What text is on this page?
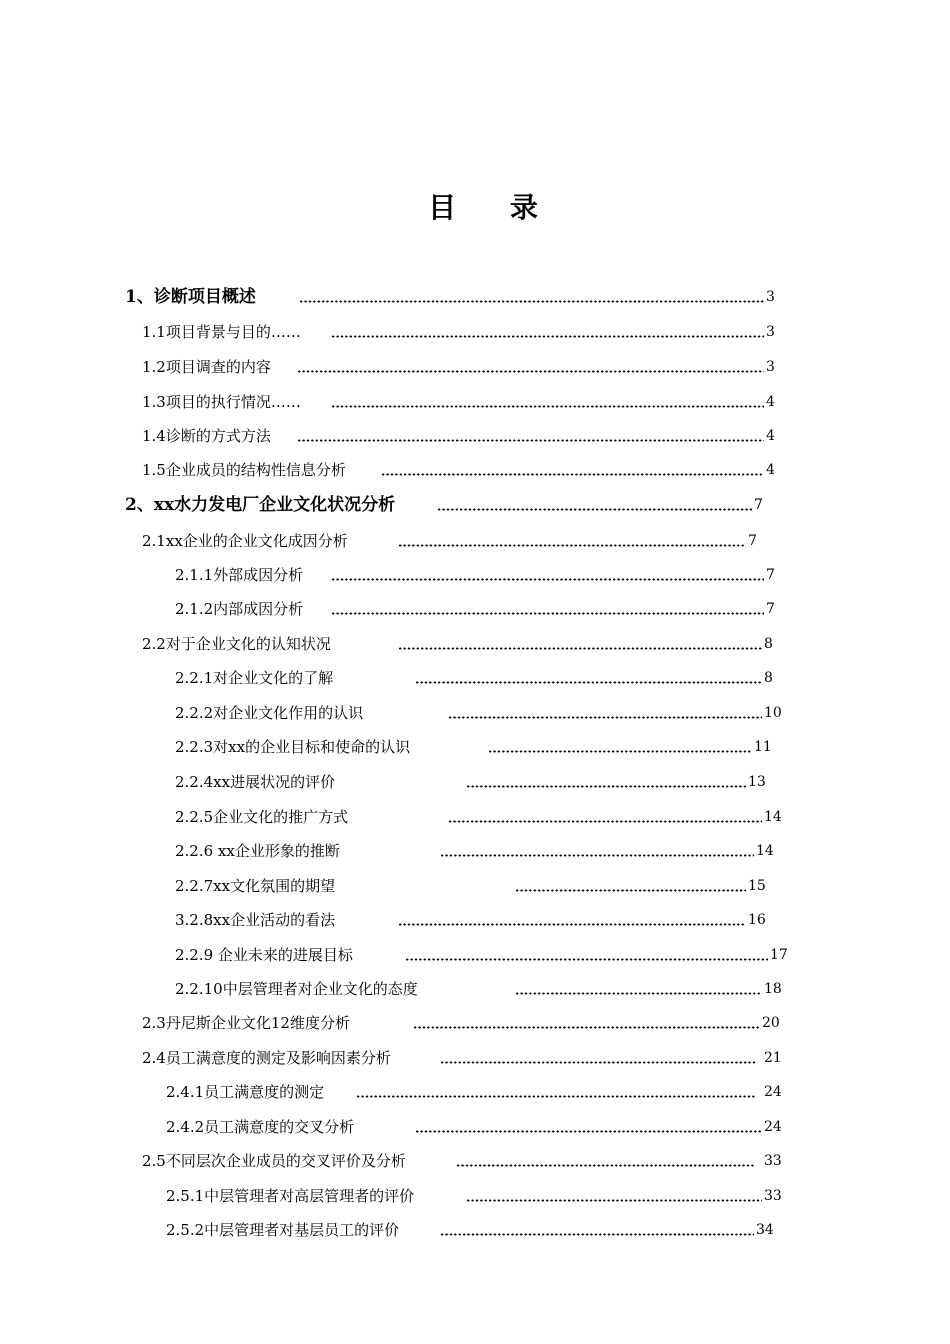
目 录
1、诊断项目概述	3
1.1项目背景与目的……	3
1.2项目调查的内容	3
1.3项目的执行情况……	4
1.4诊断的方式方法	4
1.5企业成员的结构性信息分析	4
2、xx水力发电厂企业文化状况分析	7
2.1xx企业的企业文化成因分析	7
2.1.1外部成因分析	7
2.1.2内部成因分析	7
2.2对于企业文化的认知状况	8
2.2.1对企业文化的了解	8
2.2.2对企业文化作用的认识	10
2.2.3对xx的企业目标和使命的认识	11
2.2.4xx进展状况的评价	13
2.2.5企业文化的推广方式	14
2.2.6 xx企业形象的推断	14
2.2.7xx文化氛围的期望	15
3.2.8xx企业活动的看法	16
2.2.9 企业未来的进展目标	17
2.2.10中层管理者对企业文化的态度	18
2.3丹尼斯企业文化12维度分析	20
2.4员工满意度的测定及影响因素分析	21
2.4.1员工满意度的测定	24
2.4.2员工满意度的交叉分析	24
2.5不同层次企业成员的交叉评价及分析	33
2.5.1中层管理者对高层管理者的评价	33
2.5.2中层管理者对基层员工的评价	34
